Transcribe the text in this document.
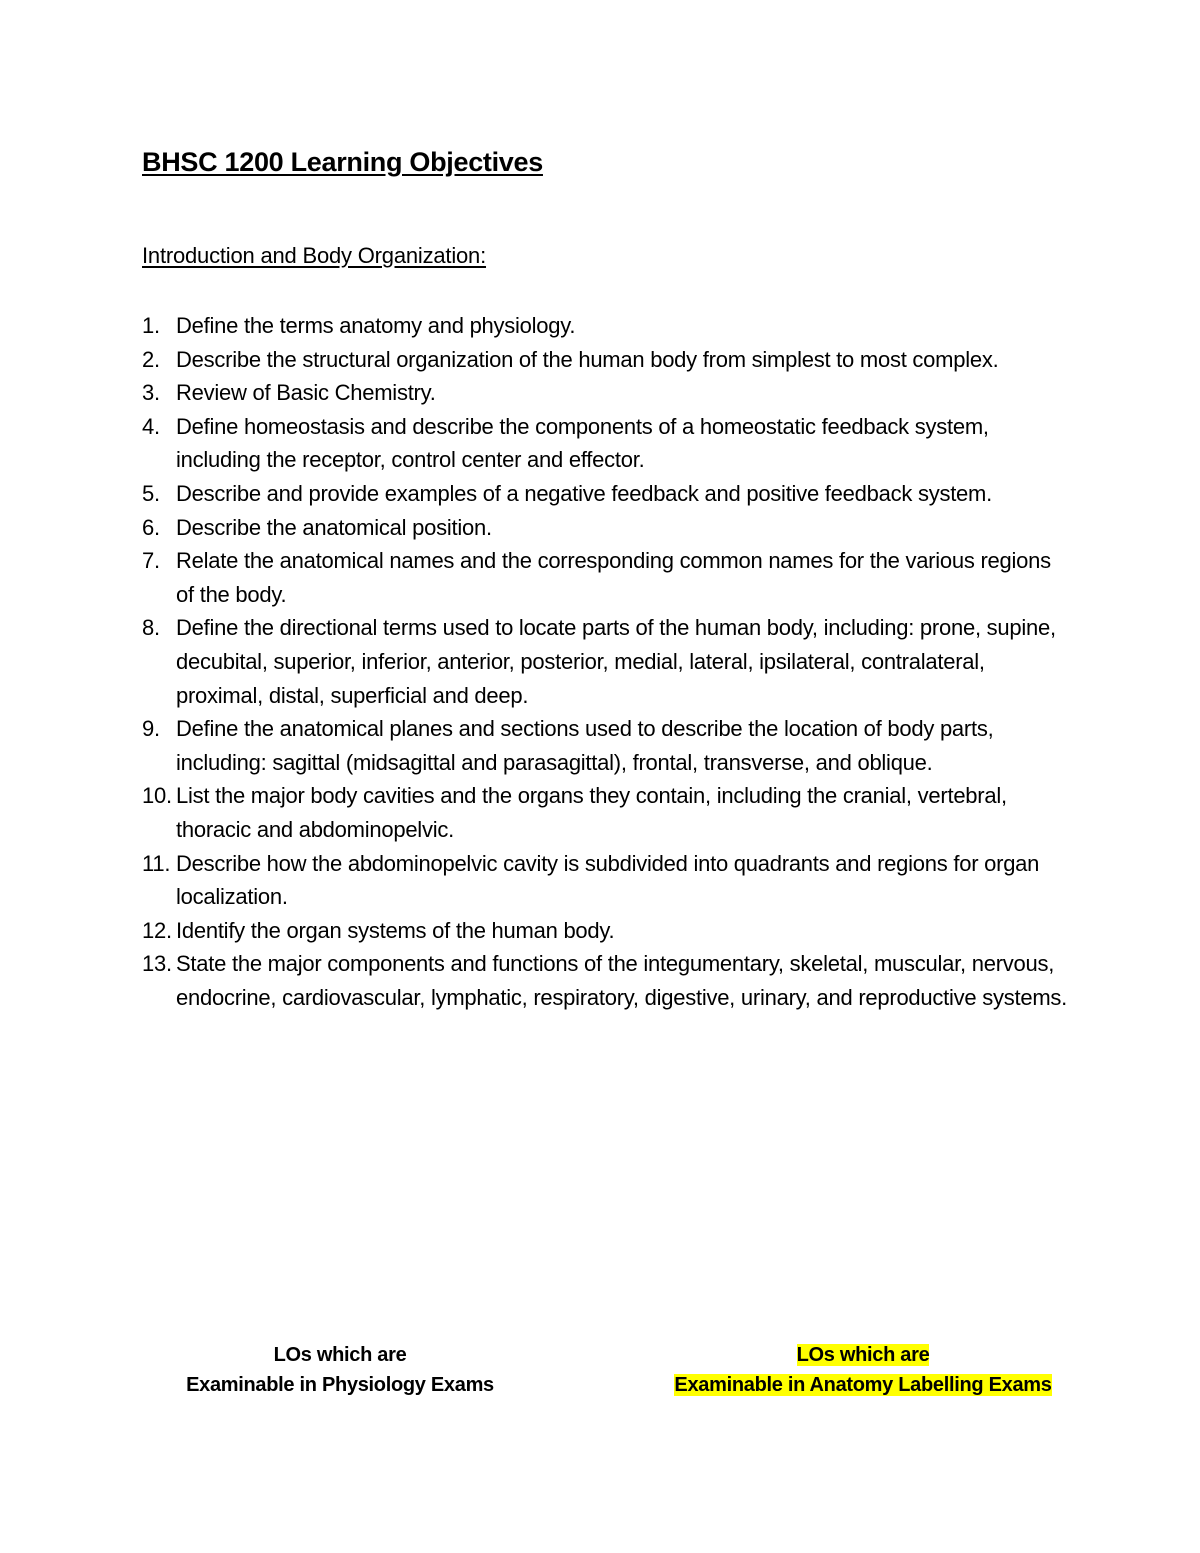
BHSC 1200 Learning Objectives
Introduction and Body Organization:
1. Define the terms anatomy and physiology.
2. Describe the structural organization of the human body from simplest to most complex.
3. Review of Basic Chemistry.
4. Define homeostasis and describe the components of a homeostatic feedback system, including the receptor, control center and effector.
5. Describe and provide examples of a negative feedback and positive feedback system.
6. Describe the anatomical position.
7. Relate the anatomical names and the corresponding common names for the various regions of the body.
8. Define the directional terms used to locate parts of the human body, including: prone, supine, decubital, superior, inferior, anterior, posterior, medial, lateral, ipsilateral, contralateral, proximal, distal, superficial and deep.
9. Define the anatomical planes and sections used to describe the location of body parts, including: sagittal (midsagittal and parasagittal), frontal, transverse, and oblique.
10. List the major body cavities and the organs they contain, including the cranial, vertebral, thoracic and abdominopelvic.
11. Describe how the abdominopelvic cavity is subdivided into quadrants and regions for organ localization.
12. Identify the organ systems of the human body.
13. State the major components and functions of the integumentary, skeletal, muscular, nervous, endocrine, cardiovascular, lymphatic, respiratory, digestive, urinary, and reproductive systems.
LOs which are
Examinable in Physiology Exams
LOs which are
Examinable in Anatomy Labelling Exams
